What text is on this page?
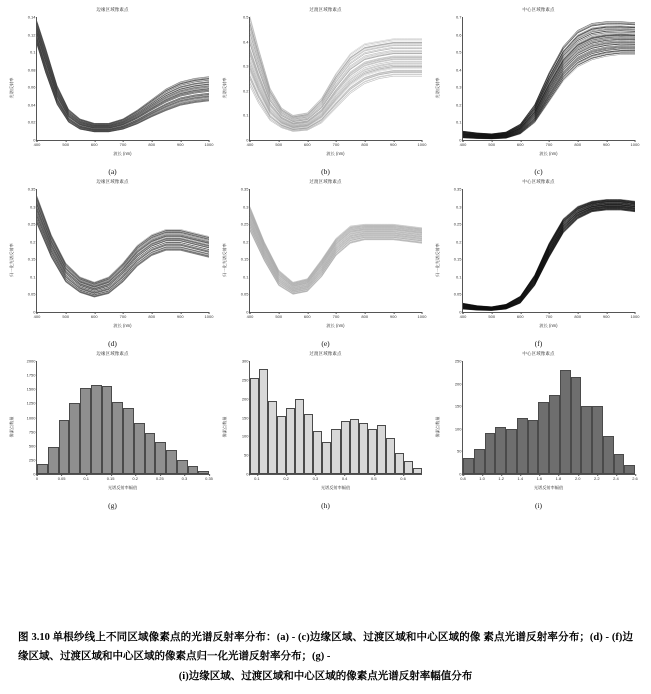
边缘区域像素点
光谱反射率
0
0.02
0.04
0.06
0.08
0.1
0.12
0.14
400	500	600	700	800	900	1000
波长 (nm)
(a)
过渡区域像素点
光谱反射率
0
0.1
0.2
0.3
0.4
0.5
400	500	600	700	800	900	1000
波长 (nm)
(b)
中心区域像素点
光谱反射率
0
0.1
0.2
0.3
0.4
0.5
0.6
0.7
400	500	600	700	800	900	1000
波长 (nm)
(c)
边缘区域像素点
归一化光谱反射率
0
0.05
0.1
0.15
0.2
0.25
0.3
0.35
400	500	600	700	800	900	1000
波长 (nm)
(d)
过渡区域像素点
归一化光谱反射率
0
0.05
0.1
0.15
0.2
0.25
0.3
0.35
400	500	600	700	800	900	1000
波长 (nm)
(e)
中心区域像素点
归一化光谱反射率
0
0.05
0.1
0.15
0.2
0.25
0.3
0.35
400	500	600	700	800	900	1000
波长 (nm)
(f)
边缘区域像素点
像素点数量
0
250
500
750
1000
1250
1500
1750
2000
0	0.05	0.1	0.15	0.2	0.25	0.3	0.35
光谱反射率幅值
(g)
过渡区域像素点
像素点数量
0
50
100
150
200
250
300
0.1	0.2	0.3	0.4	0.5	0.6
光谱反射率幅值
(h)
中心区域像素点
像素点数量
0
50
100
150
200
250
0.8	1.0	1.2	1.4	1.6	1.8	2.0	2.2	2.4	2.6
光谱反射率幅值
(i)
图 3.10 单根纱线上不同区域像素点的光谱反射率分布：(a) - (c)边缘区域、过渡区域和中心区域的像 素点光谱反射率分布；(d) - (f)边缘区域、过渡区域和中心区域的像素点归一化光谱反射率分布；(g) -
(i)边缘区域、过渡区域和中心区域的像素点光谱反射率幅值分布
